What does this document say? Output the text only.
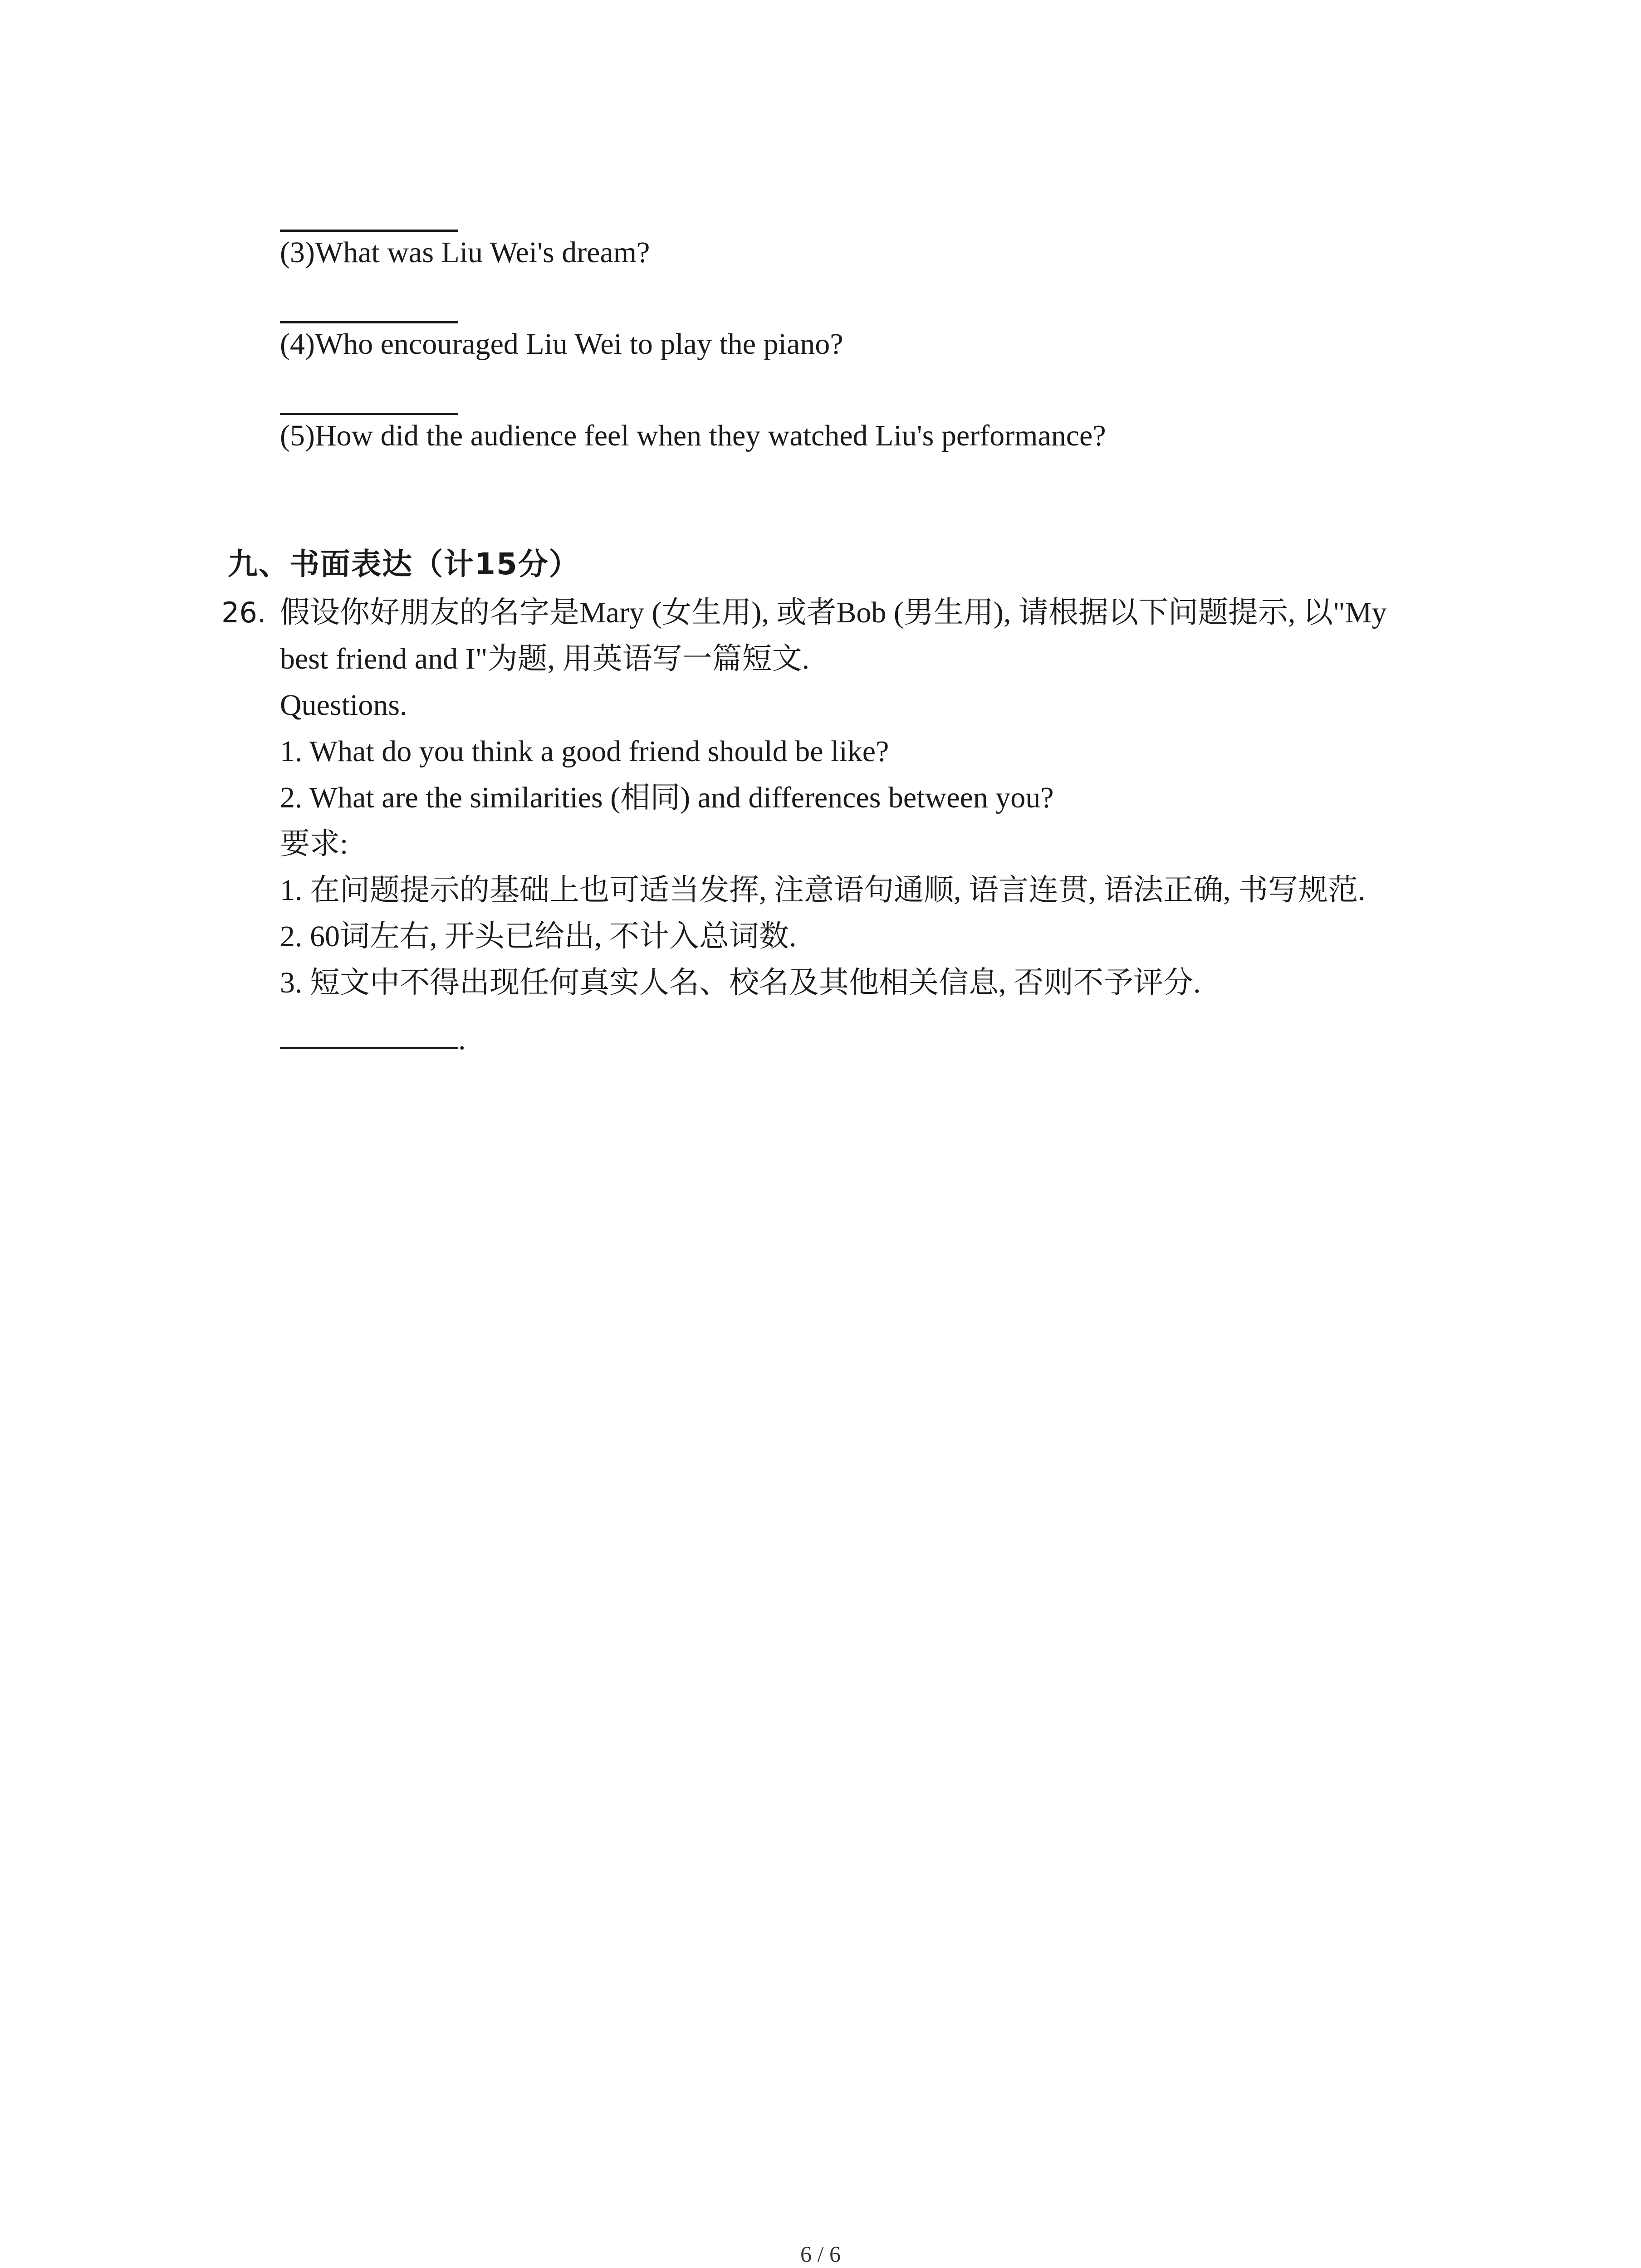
(3)What was Liu Wei's dream?
(4)Who encouraged Liu Wei to play the piano?
(5)How did the audience feel when they watched Liu's performance?
九、书面表达（计15分）
26. 假设你好朋友的名字是Mary (女生用), 或者Bob (男生用), 请根据以下问题提示, 以"My
best friend and I"为题, 用英语写一篇短文.
Questions.
1. What do you think a good friend should be like?
2. What are the similarities (相同) and differences between you?
要求:
1. 在问题提示的基础上也可适当发挥, 注意语句通顺, 语言连贯, 语法正确, 书写规范.
2. 60词左右, 开头已给出, 不计入总词数.
3. 短文中不得出现任何真实人名、校名及其他相关信息, 否则不予评分.
.
6 / 6
